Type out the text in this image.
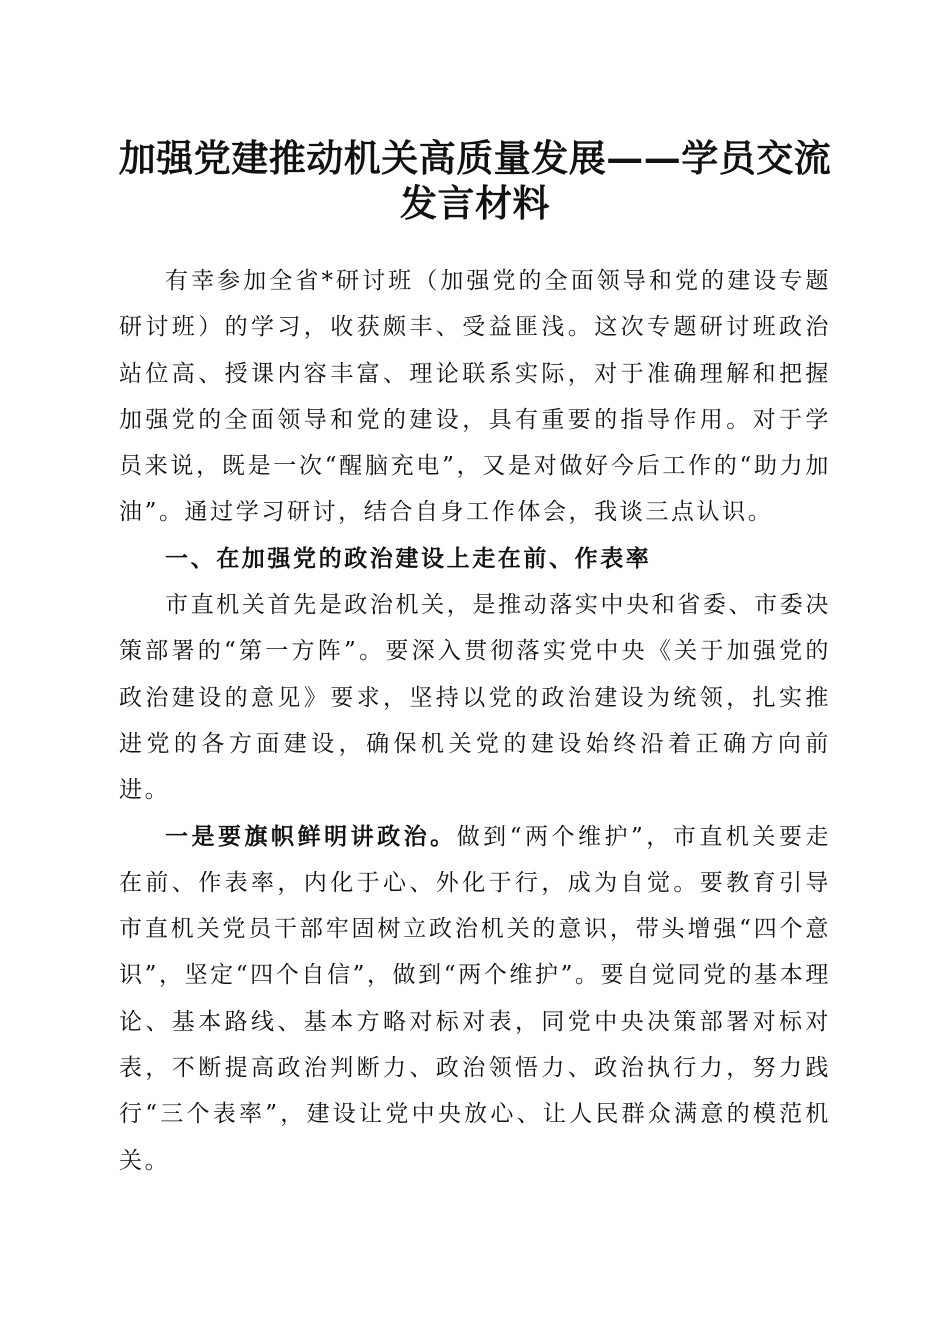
加强党建推动机关高质量发展——学员交流发言材料

有幸参加全省*研讨班（加强党的全面领导和党的建设专题研讨班）的学习，收获颇丰、受益匪浅。这次专题研讨班政治站位高、授课内容丰富、理论联系实际，对于准确理解和把握加强党的全面领导和党的建设，具有重要的指导作用。对于学员来说，既是一次“醒脑充电”，又是对做好今后工作的“助力加油”。通过学习研讨，结合自身工作体会，我谈三点认识。

一、在加强党的政治建设上走在前、作表率

市直机关首先是政治机关，是推动落实中央和省委、市委决策部署的“第一方阵”。要深入贯彻落实党中央《关于加强党的政治建设的意见》要求，坚持以党的政治建设为统领，扎实推进党的各方面建设，确保机关党的建设始终沿着正确方向前进。

一是要旗帜鲜明讲政治。做到“两个维护”，市直机关要走在前、作表率，内化于心、外化于行，成为自觉。要教育引导市直机关党员干部牢固树立政治机关的意识，带头增强“四个意识”，坚定“四个自信”，做到“两个维护”。要自觉同党的基本理论、基本路线、基本方略对标对表，同党中央决策部署对标对表，不断提高政治判断力、政治领悟力、政治执行力，努力践行“三个表率”，建设让党中央放心、让人民群众满意的模范机关。
